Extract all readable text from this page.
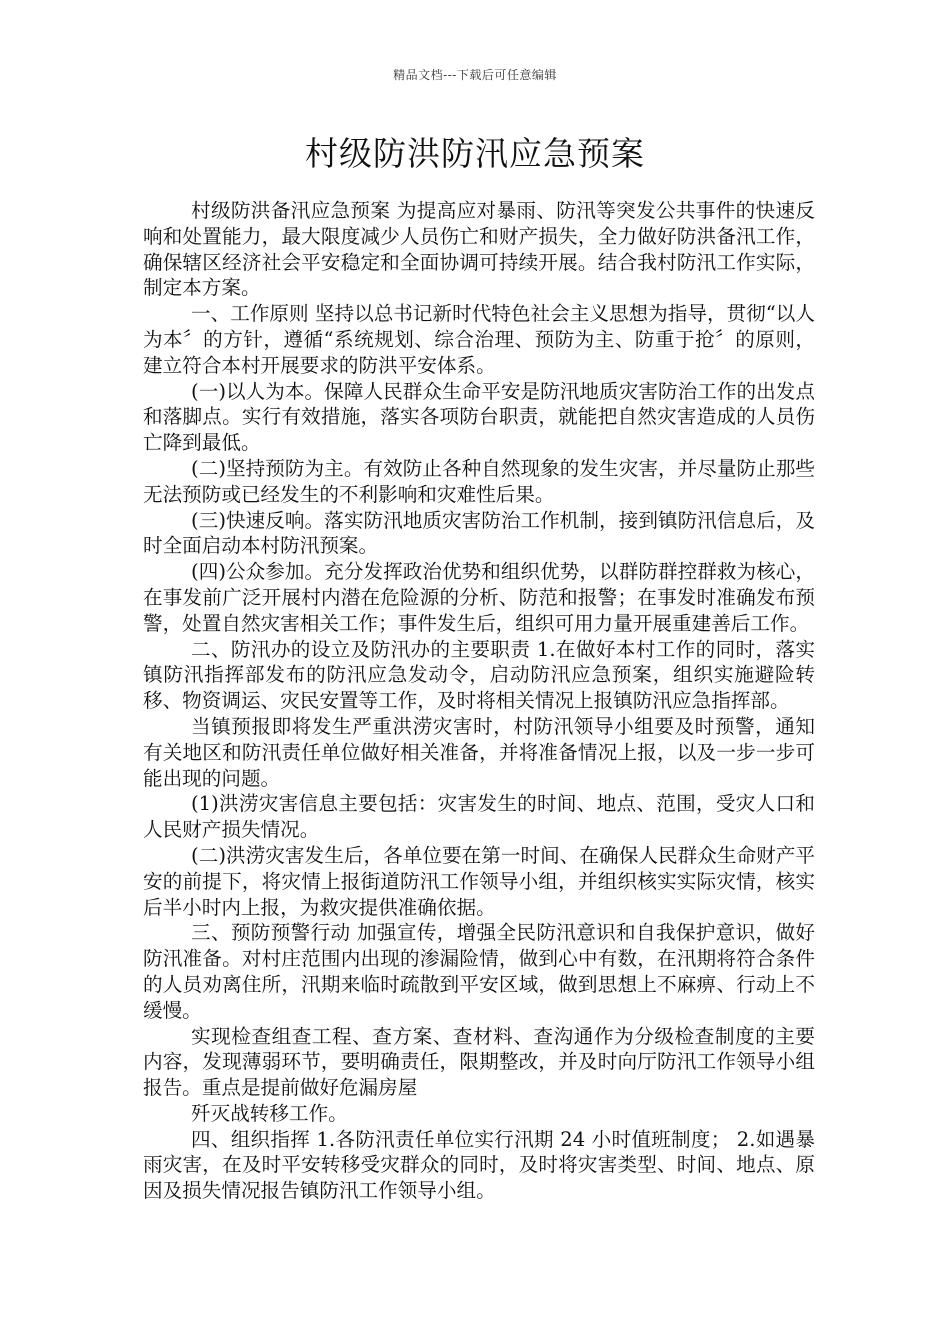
精品文档---下载后可任意编辑
村级防洪防汛应急预案

村级防洪备汛应急预案 为提高应对暴雨、防汛等突发公共事件的快速反响和处置能力，最大限度减少人员伤亡和财产损失，全力做好防洪备汛工作，确保辖区经济社会平安稳定和全面协调可持续开展。结合我村防汛工作实际，制定本方案。

一、工作原则 坚持以总书记新时代特色社会主义思想为指导，贯彻“以人为本〞的方针，遵循“系统规划、综合治理、预防为主、防重于抢〞的原则，建立符合本村开展要求的防洪平安体系。

(一)以人为本。保障人民群众生命平安是防汛地质灾害防治工作的出发点和落脚点。实行有效措施，落实各项防台职责，就能把自然灾害造成的人员伤亡降到最低。

(二)坚持预防为主。有效防止各种自然现象的发生灾害，并尽量防止那些无法预防或已经发生的不利影响和灾难性后果。

(三)快速反响。落实防汛地质灾害防治工作机制，接到镇防汛信息后，及时全面启动本村防汛预案。

(四)公众参加。充分发挥政治优势和组织优势，以群防群控群救为核心，在事发前广泛开展村内潜在危险源的分析、防范和报警；在事发时准确发布预警，处置自然灾害相关工作；事件发生后，组织可用力量开展重建善后工作。

二、防汛办的设立及防汛办的主要职责 1.在做好本村工作的同时，落实镇防汛指挥部发布的防汛应急发动令，启动防汛应急预案，组织实施避险转移、物资调运、灾民安置等工作，及时将相关情况上报镇防汛应急指挥部。

当镇预报即将发生严重洪涝灾害时，村防汛领导小组要及时预警，通知有关地区和防汛责任单位做好相关准备，并将准备情况上报，以及一步一步可能出现的问题。

(1)洪涝灾害信息主要包括：灾害发生的时间、地点、范围，受灾人口和人民财产损失情况。

(二)洪涝灾害发生后，各单位要在第一时间、在确保人民群众生命财产平安的前提下，将灾情上报街道防汛工作领导小组，并组织核实实际灾情，核实后半小时内上报，为救灾提供准确依据。

三、预防预警行动 加强宣传，增强全民防汛意识和自我保护意识，做好防汛准备。对村庄范围内出现的渗漏险情，做到心中有数，在汛期将符合条件的人员劝离住所，汛期来临时疏散到平安区域，做到思想上不麻痹、行动上不缓慢。

实现检查组查工程、查方案、查材料、查沟通作为分级检查制度的主要内容，发现薄弱环节，要明确责任，限期整改，并及时向厅防汛工作领导小组报告。重点是提前做好危漏房屋

歼灭战转移工作。

四、组织指挥 1.各防汛责任单位实行汛期 24 小时值班制度； 2.如遇暴雨灾害，在及时平安转移受灾群众的同时，及时将灾害类型、时间、地点、原因及损失情况报告镇防汛工作领导小组。
